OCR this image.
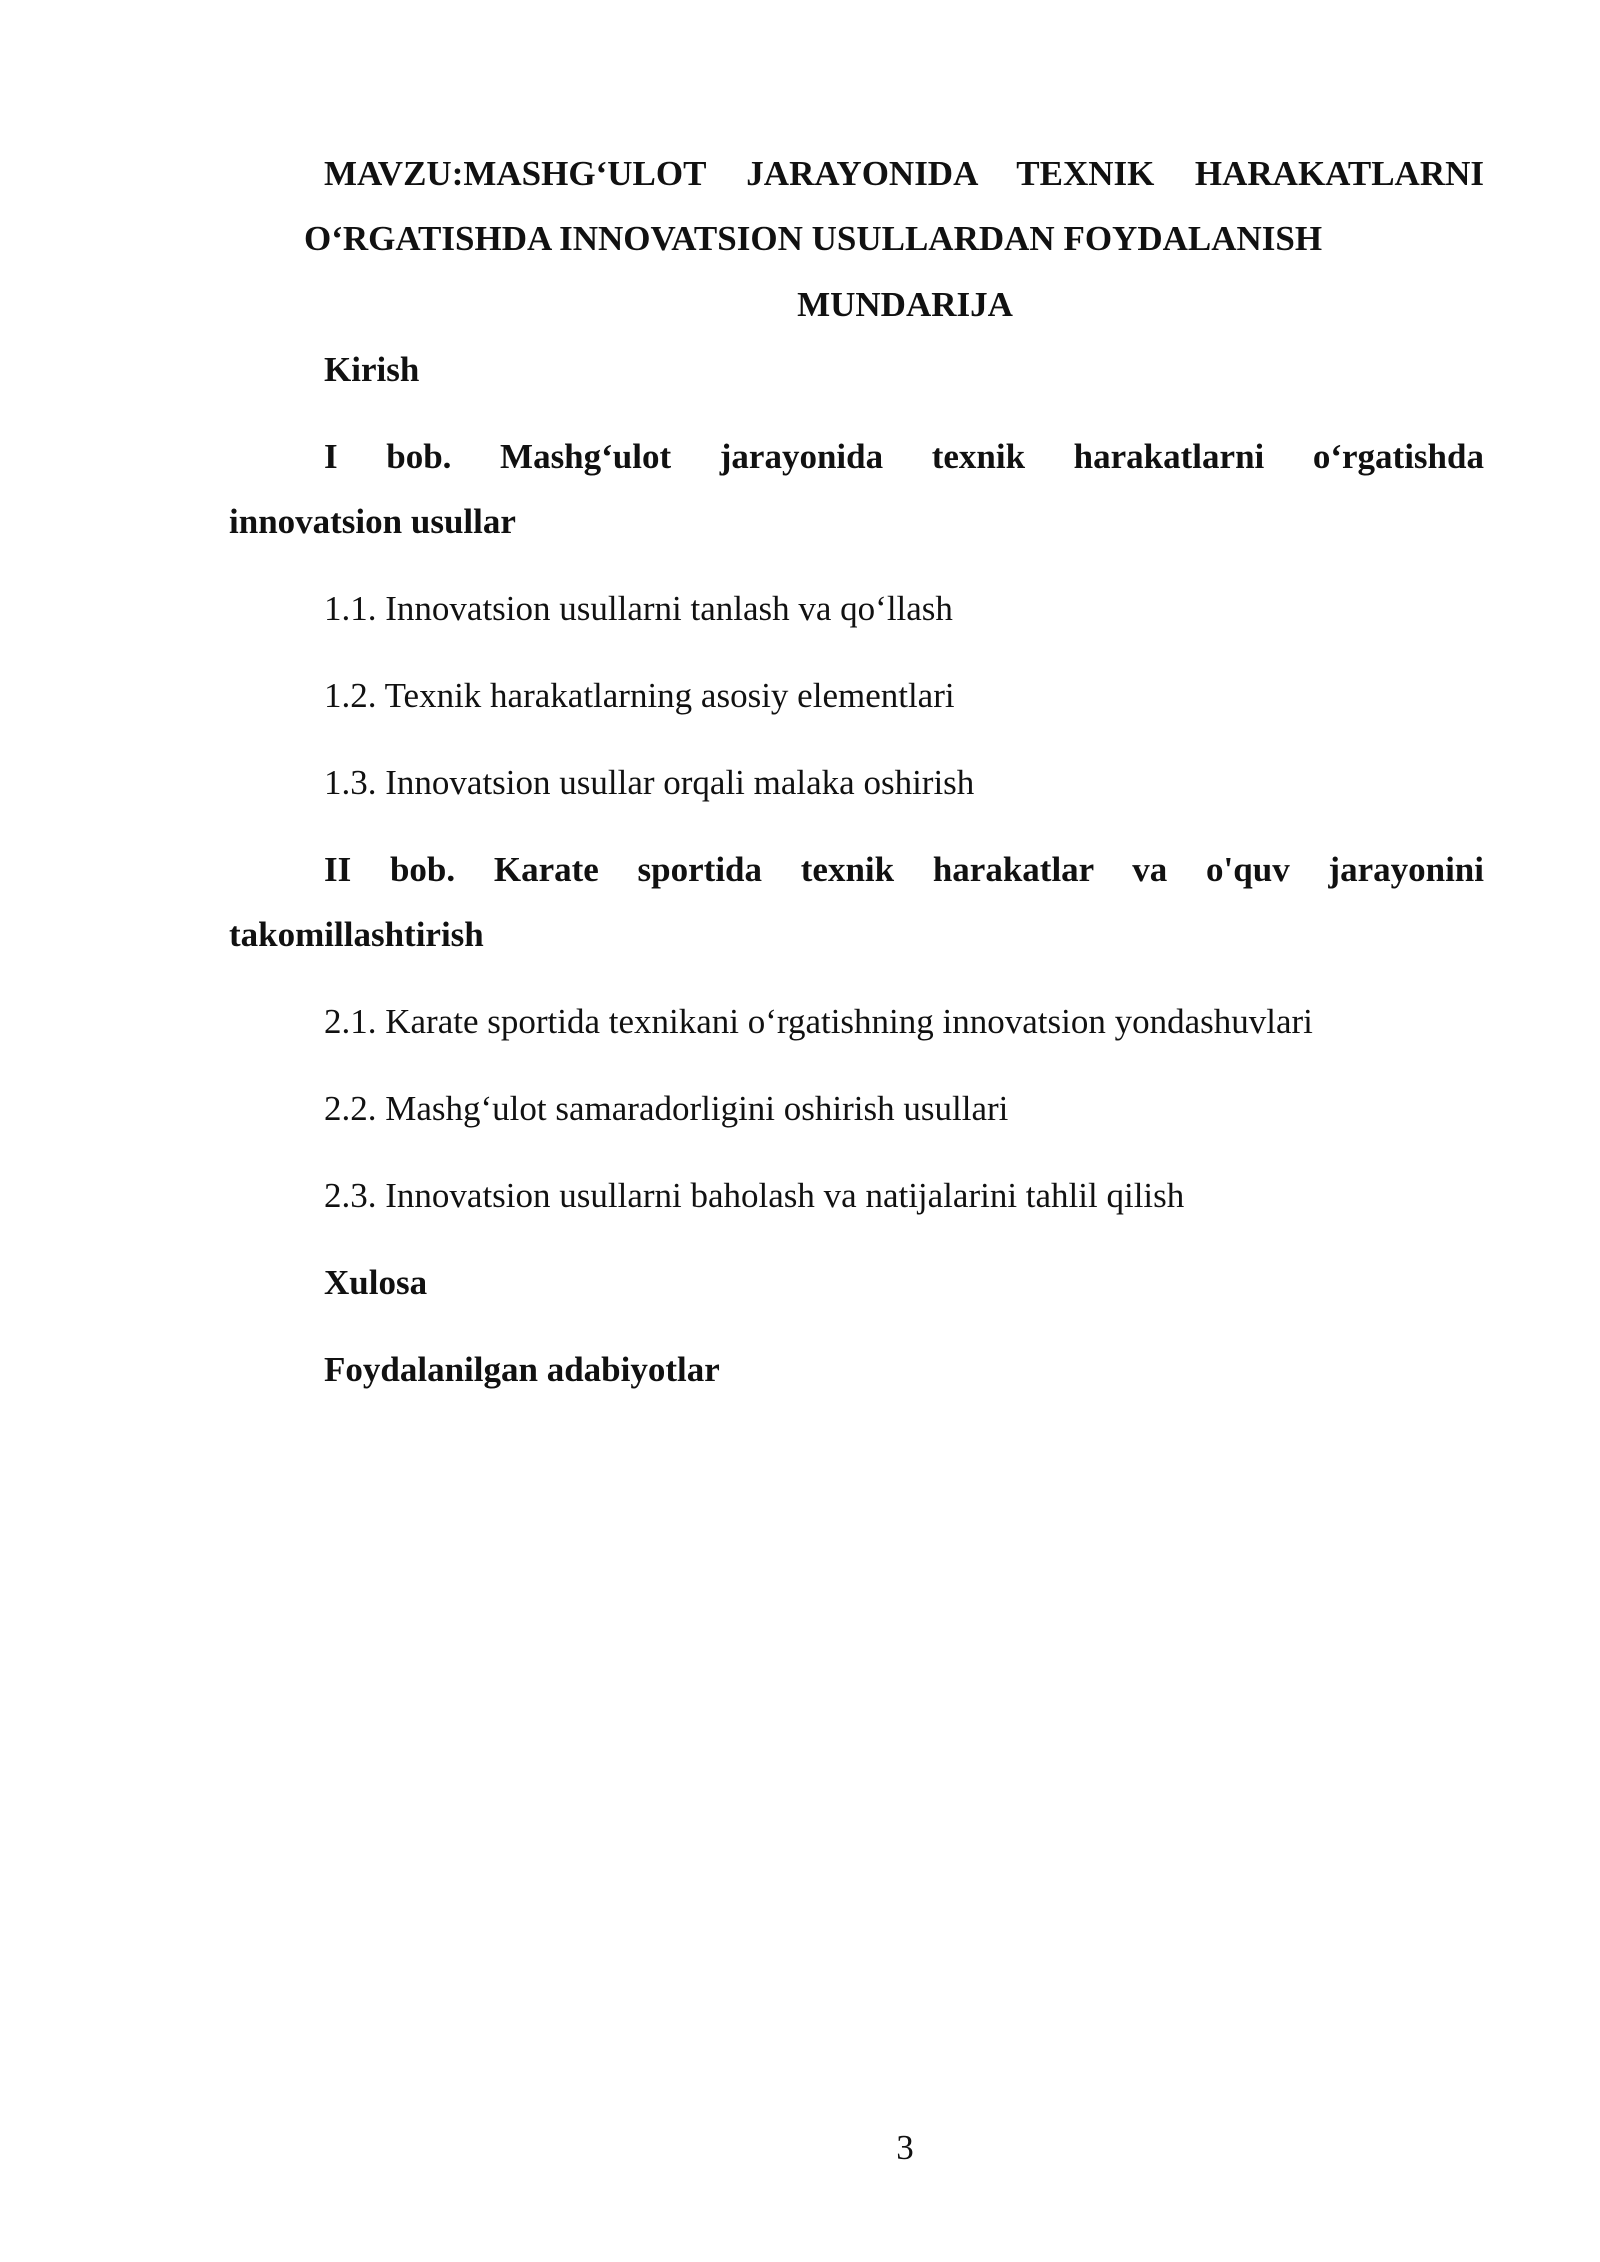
MAVZU:MASHG‘ULOT JARAYONIDA TEXNIK HARAKATLARNI
O‘RGATISHDA INNOVATSION USULLARDAN FOYDALANISH
MUNDARIJA
Kirish
I bob. Mashg‘ulot jarayonida texnik harakatlarni o‘rgatishda
innovatsion usullar
1.1. Innovatsion usullarni tanlash va qo‘llash
1.2. Texnik harakatlarning asosiy elementlari
1.3. Innovatsion usullar orqali malaka oshirish
II bob. Karate sportida texnik harakatlar va o'quv jarayonini
takomillashtirish
2.1. Karate sportida texnikani o‘rgatishning innovatsion yondashuvlari
2.2. Mashg‘ulot samaradorligini oshirish usullari
2.3. Innovatsion usullarni baholash va natijalarini tahlil qilish
Xulosa
Foydalanilgan adabiyotlar
3
